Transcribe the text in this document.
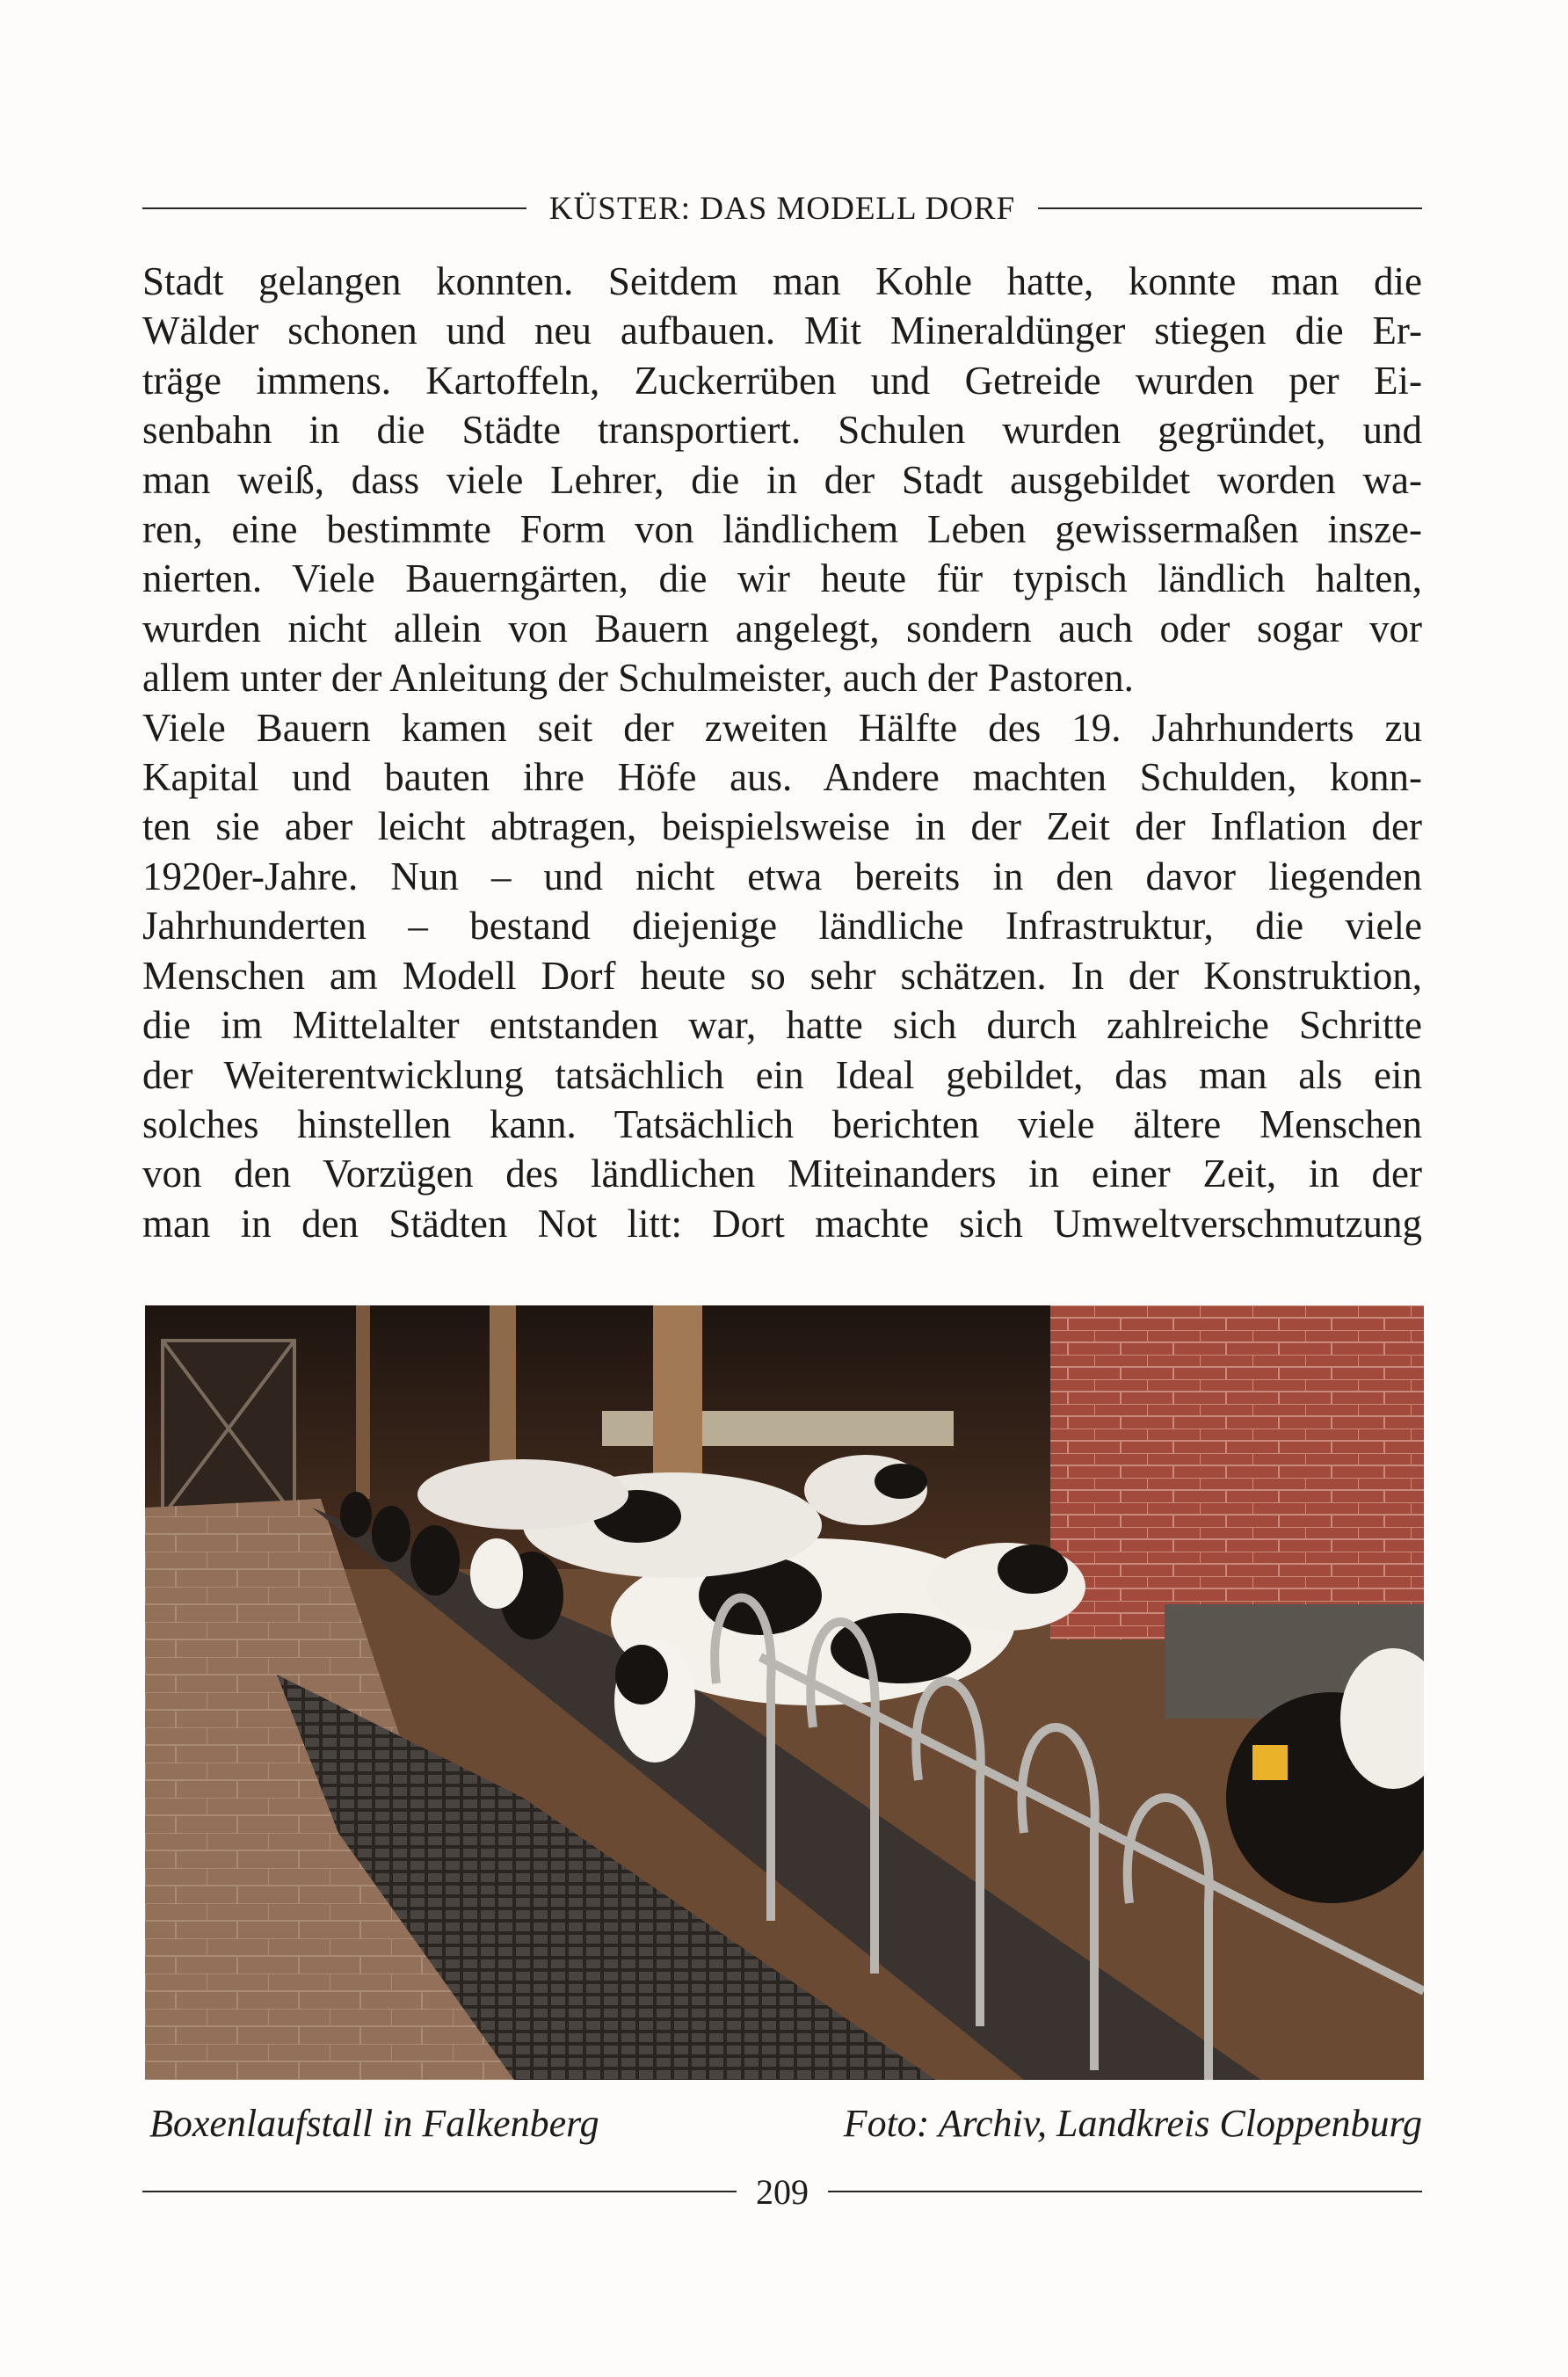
KÜSTER: DAS MODELL DORF

Stadt gelangen konnten. Seitdem man Kohle hatte, konnte man die
Wälder schonen und neu aufbauen. Mit Mineraldünger stiegen die Er-
träge immens. Kartoffeln, Zuckerrüben und Getreide wurden per Ei-
senbahn in die Städte transportiert. Schulen wurden gegründet, und
man weiß, dass viele Lehrer, die in der Stadt ausgebildet worden wa-
ren, eine bestimmte Form von ländlichem Leben gewissermaßen insze-
nierten. Viele Bauerngärten, die wir heute für typisch ländlich halten,
wurden nicht allein von Bauern angelegt, sondern auch oder sogar vor
allem unter der Anleitung der Schulmeister, auch der Pastoren.

Viele Bauern kamen seit der zweiten Hälfte des 19. Jahrhunderts zu
Kapital und bauten ihre Höfe aus. Andere machten Schulden, konn-
ten sie aber leicht abtragen, beispielsweise in der Zeit der Inflation der
1920er-Jahre. Nun – und nicht etwa bereits in den davor liegenden
Jahrhunderten – bestand diejenige ländliche Infrastruktur, die viele
Menschen am Modell Dorf heute so sehr schätzen. In der Konstruktion,
die im Mittelalter entstanden war, hatte sich durch zahlreiche Schritte
der Weiterentwicklung tatsächlich ein Ideal gebildet, das man als ein
solches hinstellen kann. Tatsächlich berichten viele ältere Menschen
von den Vorzügen des ländlichen Miteinanders in einer Zeit, in der
man in den Städten Not litt: Dort machte sich Umweltverschmutzung

Boxenlaufstall in Falkenberg	Foto: Archiv, Landkreis Cloppenburg
209
